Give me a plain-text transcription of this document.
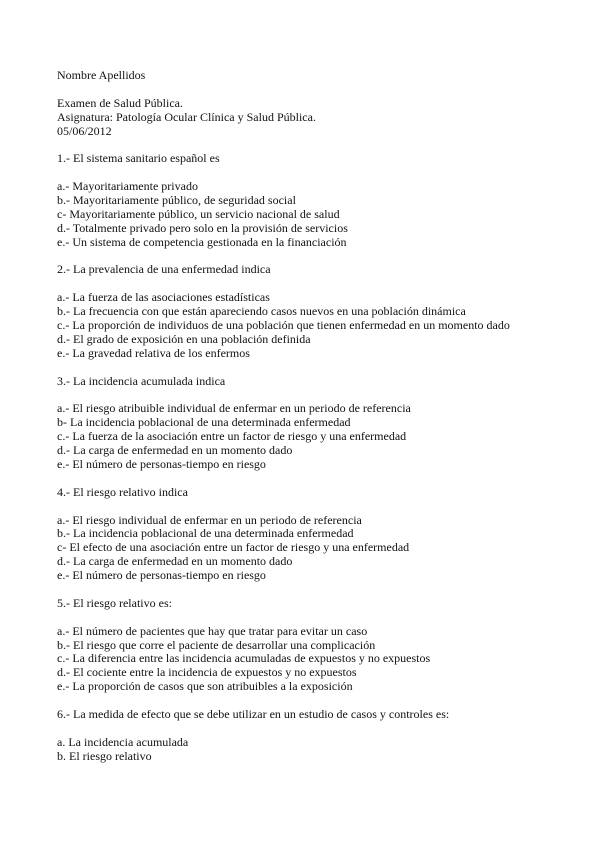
Nombre Apellidos
Examen de Salud Pública.
Asignatura: Patología Ocular Clínica y Salud Pública.
05/06/2012
1.- El sistema sanitario español es
a.- Mayoritariamente privado
b.- Mayoritariamente público, de seguridad social
c- Mayoritariamente público, un servicio nacional de salud
d.- Totalmente privado pero solo en la provisión de servicios
e.- Un sistema de competencia gestionada en la financiación
2.- La prevalencia de una enfermedad indica
a.- La fuerza de las asociaciones estadísticas
b.- La frecuencia con que están apareciendo casos nuevos en una población dinámica
c.- La proporción de individuos de una población que tienen enfermedad en un momento dado
d.- El grado de exposición en una población definida
e.- La gravedad relativa de los enfermos
3.- La incidencia acumulada indica
a.- El riesgo atribuible individual de enfermar en un periodo de referencia
b- La incidencia poblacional de una determinada enfermedad
c.- La fuerza de la asociación entre un factor de riesgo y una enfermedad
d.- La carga de enfermedad en un momento dado
e.- El número de personas-tiempo en riesgo
4.- El riesgo relativo indica
a.- El riesgo individual de enfermar en un periodo de referencia
b.- La incidencia poblacional de una determinada enfermedad
c- El efecto de una asociación entre un factor de riesgo y una enfermedad
d.- La carga de enfermedad en un momento dado
e.- El número de personas-tiempo en riesgo
5.- El riesgo relativo es:
a.- El número de pacientes que hay que tratar para evitar un caso
b.- El riesgo que corre el paciente de desarrollar una complicación
c.- La diferencia entre las incidencia acumuladas de expuestos y no expuestos
d.- El cociente entre la incidencia de expuestos y no expuestos
e.- La proporción de casos que son atribuibles a la exposición
6.- La medida de efecto que se debe utilizar en un estudio de casos y controles es:
a. La incidencia acumulada
b. El riesgo relativo
